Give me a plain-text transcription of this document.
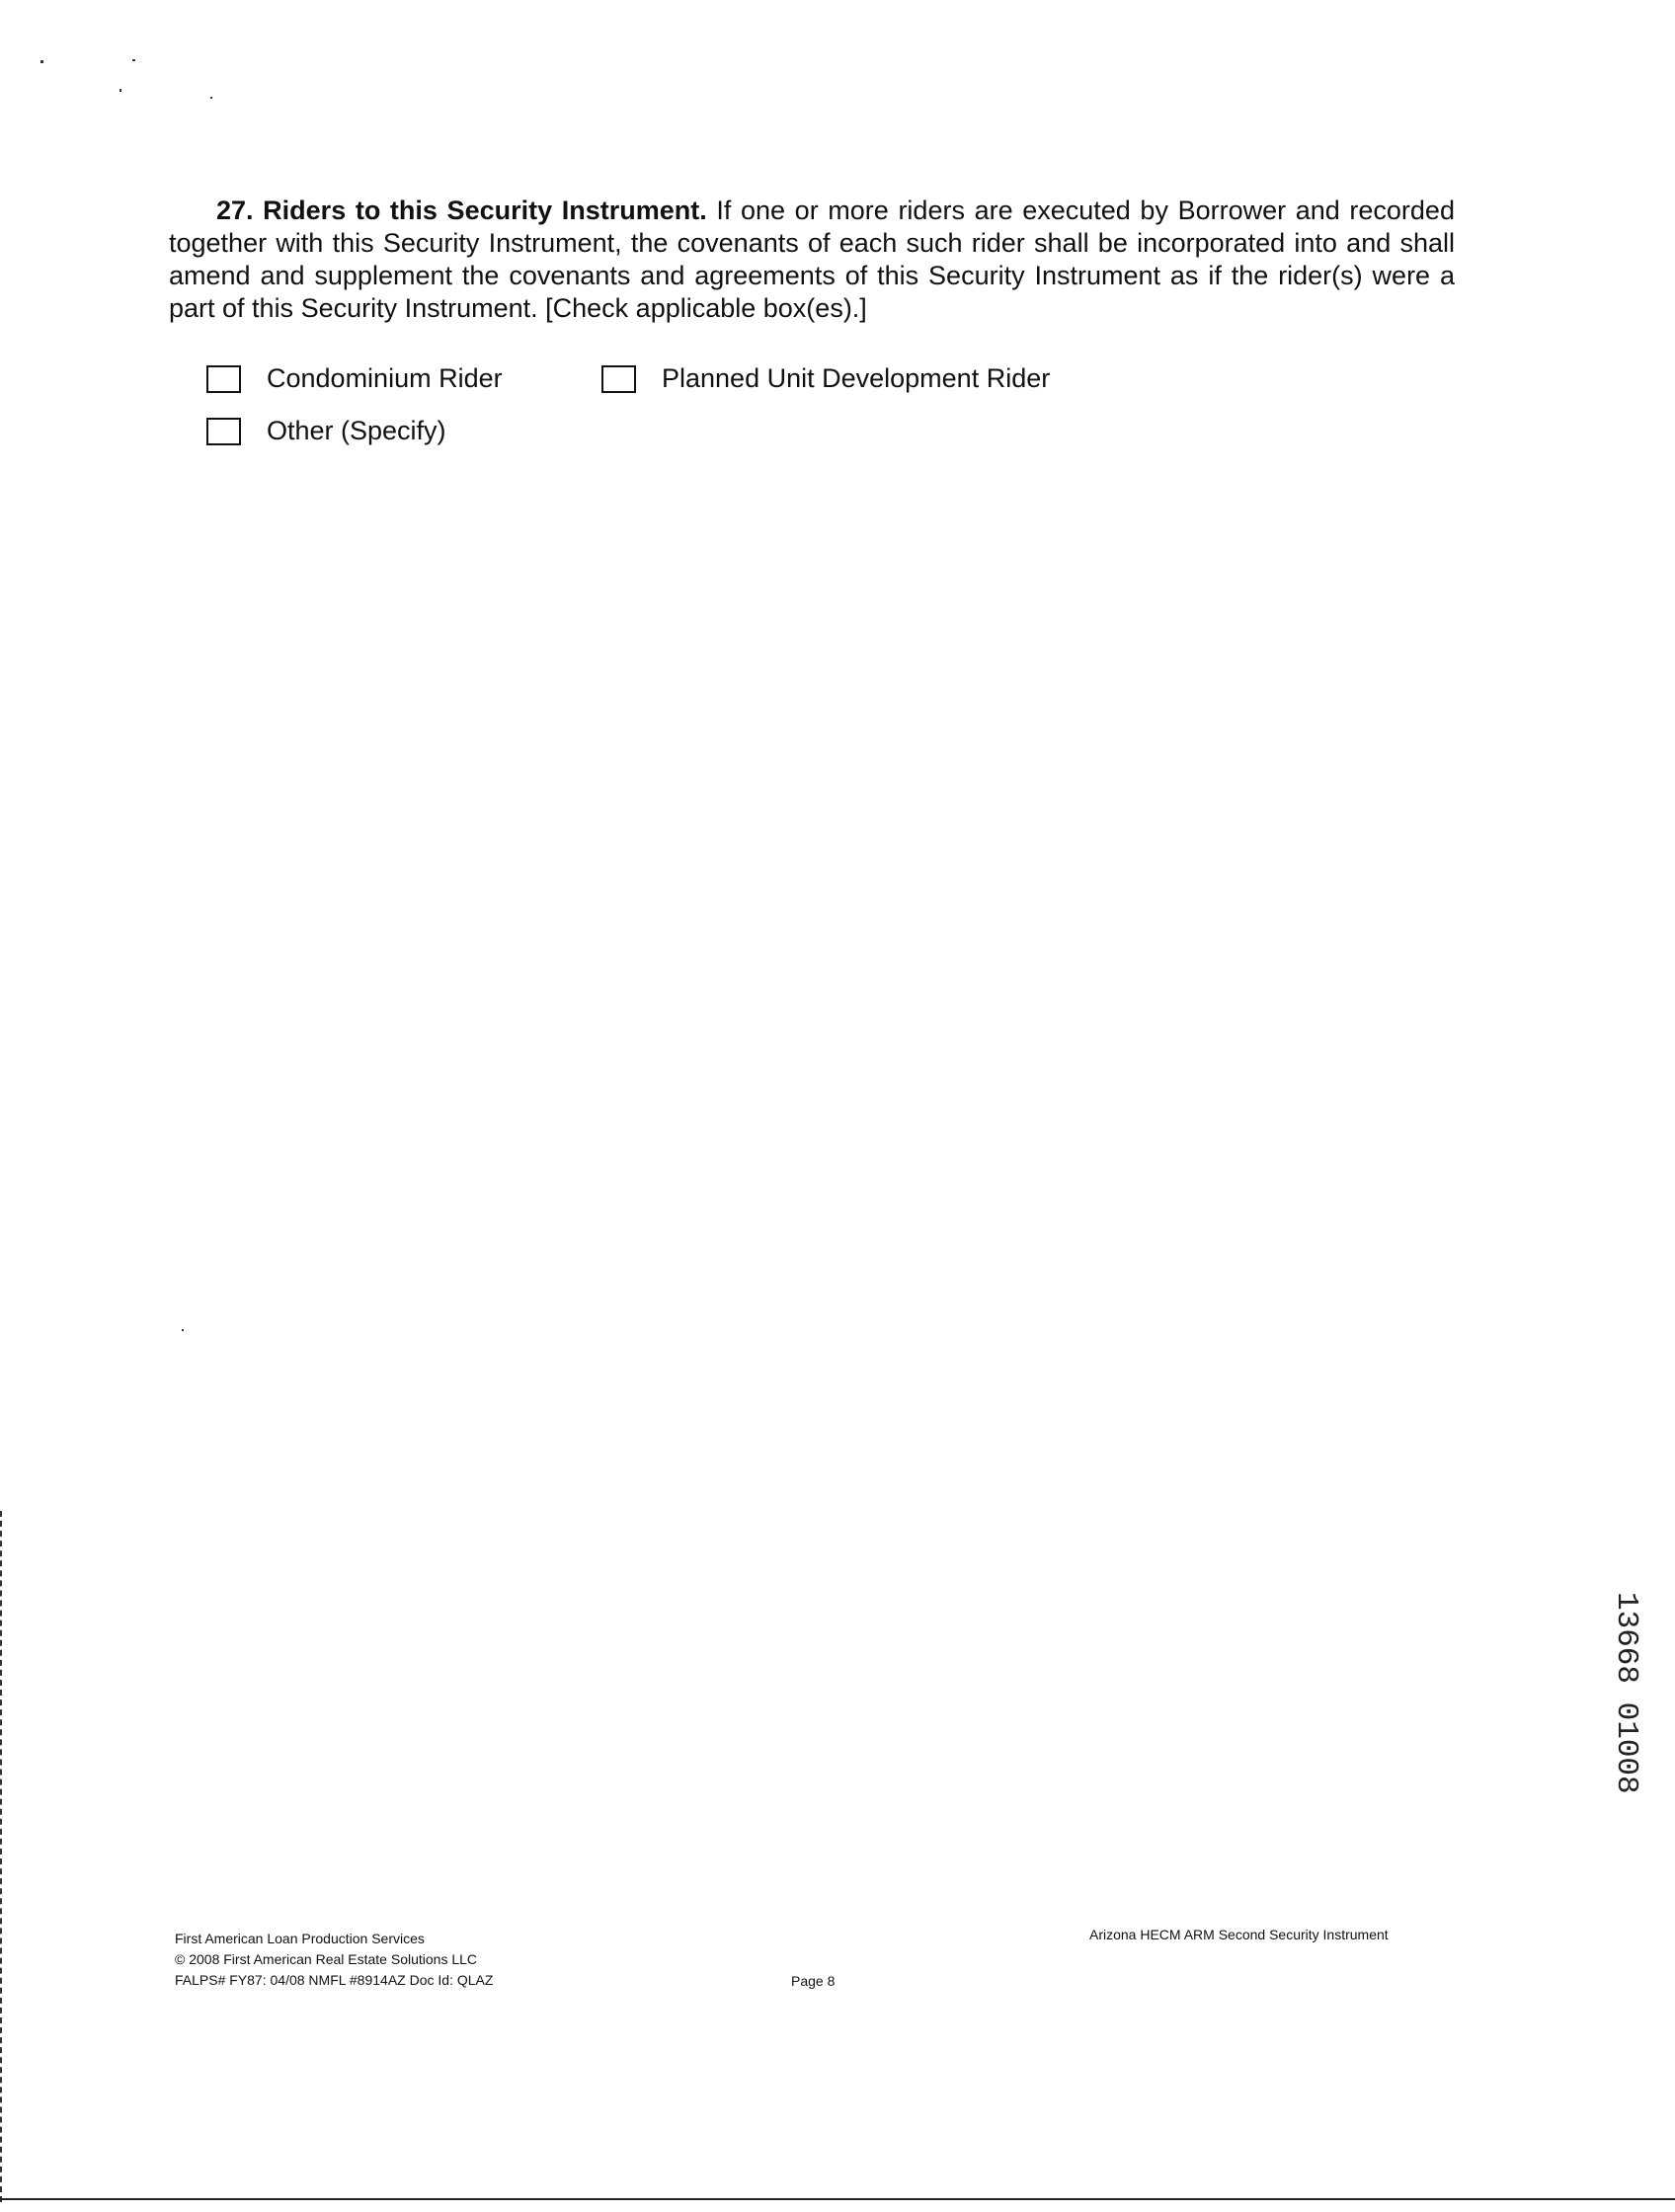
27. Riders to this Security Instrument. If one or more riders are executed by Borrower and recorded together with this Security Instrument, the covenants of each such rider shall be incorporated into and shall amend and supplement the covenants and agreements of this Security Instrument as if the rider(s) were a part of this Security Instrument. [Check applicable box(es).]

Condominium Rider	Planned Unit Development Rider
Other (Specify)
First American Loan Production Services
© 2008 First American Real Estate Solutions LLC
FALPS# FY87: 04/08 NMFL #8914AZ Doc Id: QLAZ	Page 8
Arizona HECM ARM Second Security Instrument
13668 01008
